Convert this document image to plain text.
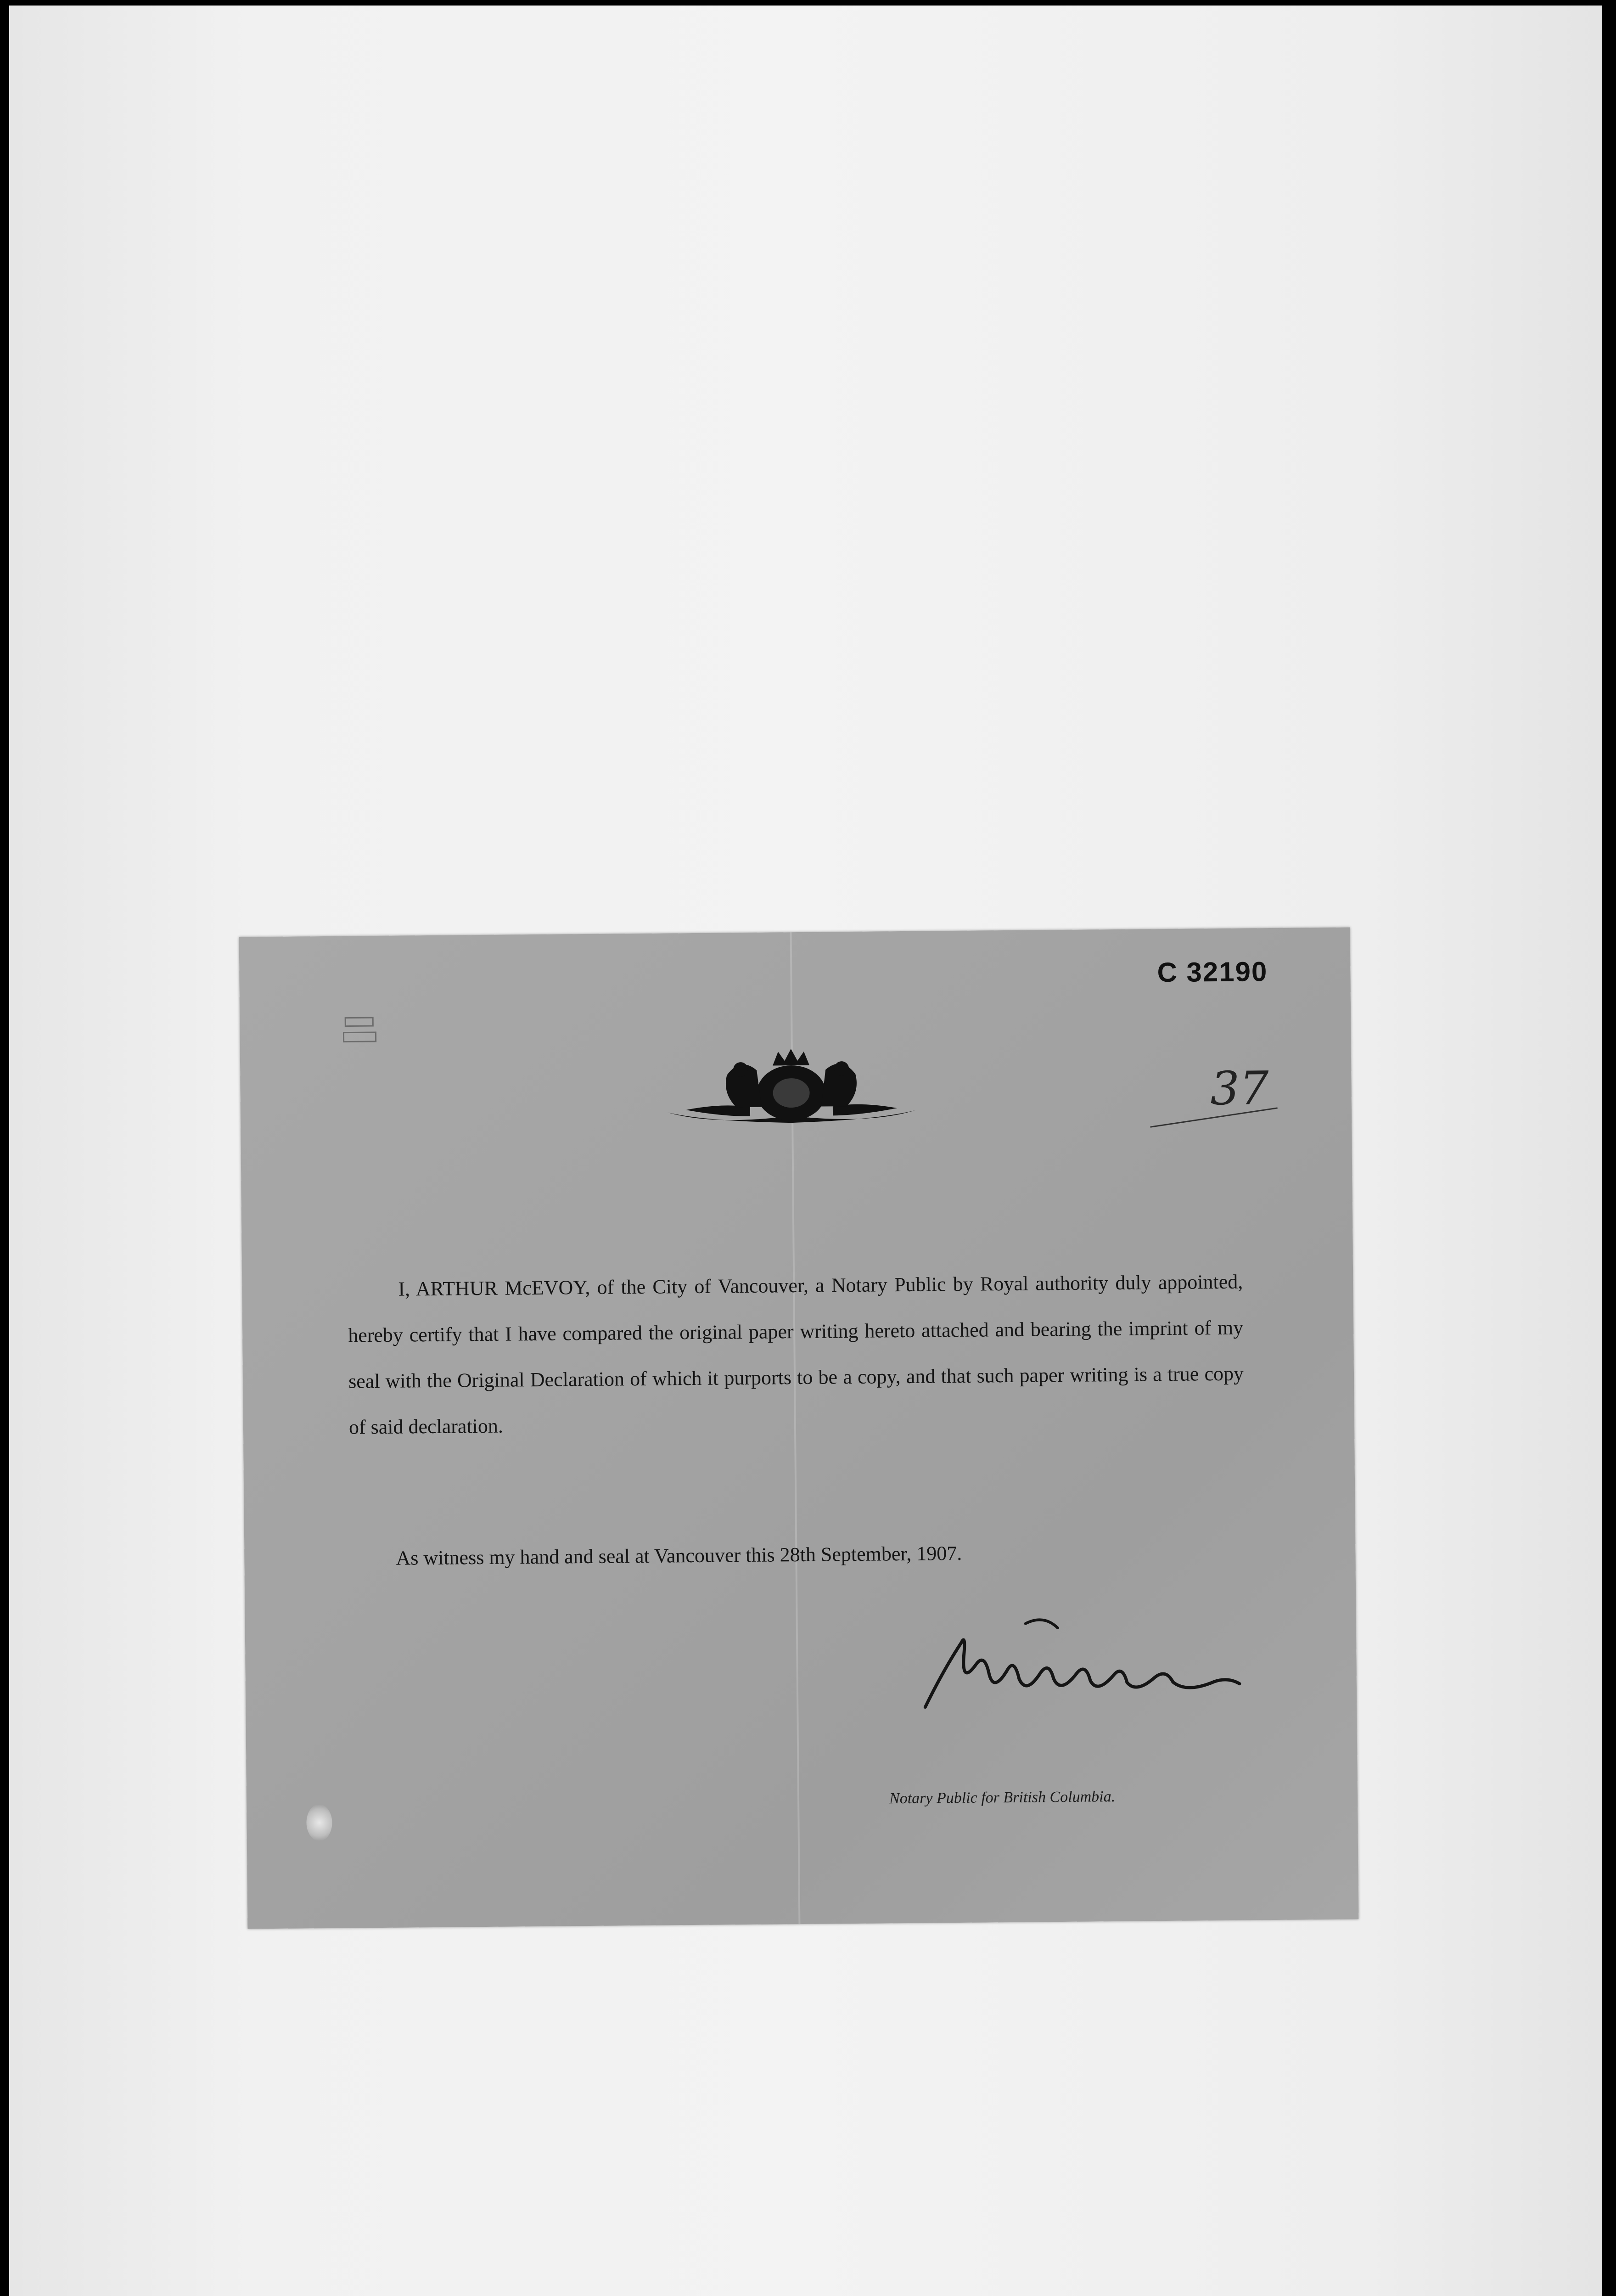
C 32190
37
I, ARTHUR McEVOY, of the City of Vancouver, a Notary Public by Royal authority duly appointed, hereby certify that I have compared the original paper writing hereto attached and bearing the imprint of my seal with the Original Declaration of which it purports to be a copy, and that such paper writing is a true copy of said declaration.
As witness my hand and seal at Vancouver this 28th September, 1907.
Notary Public for British Columbia.
